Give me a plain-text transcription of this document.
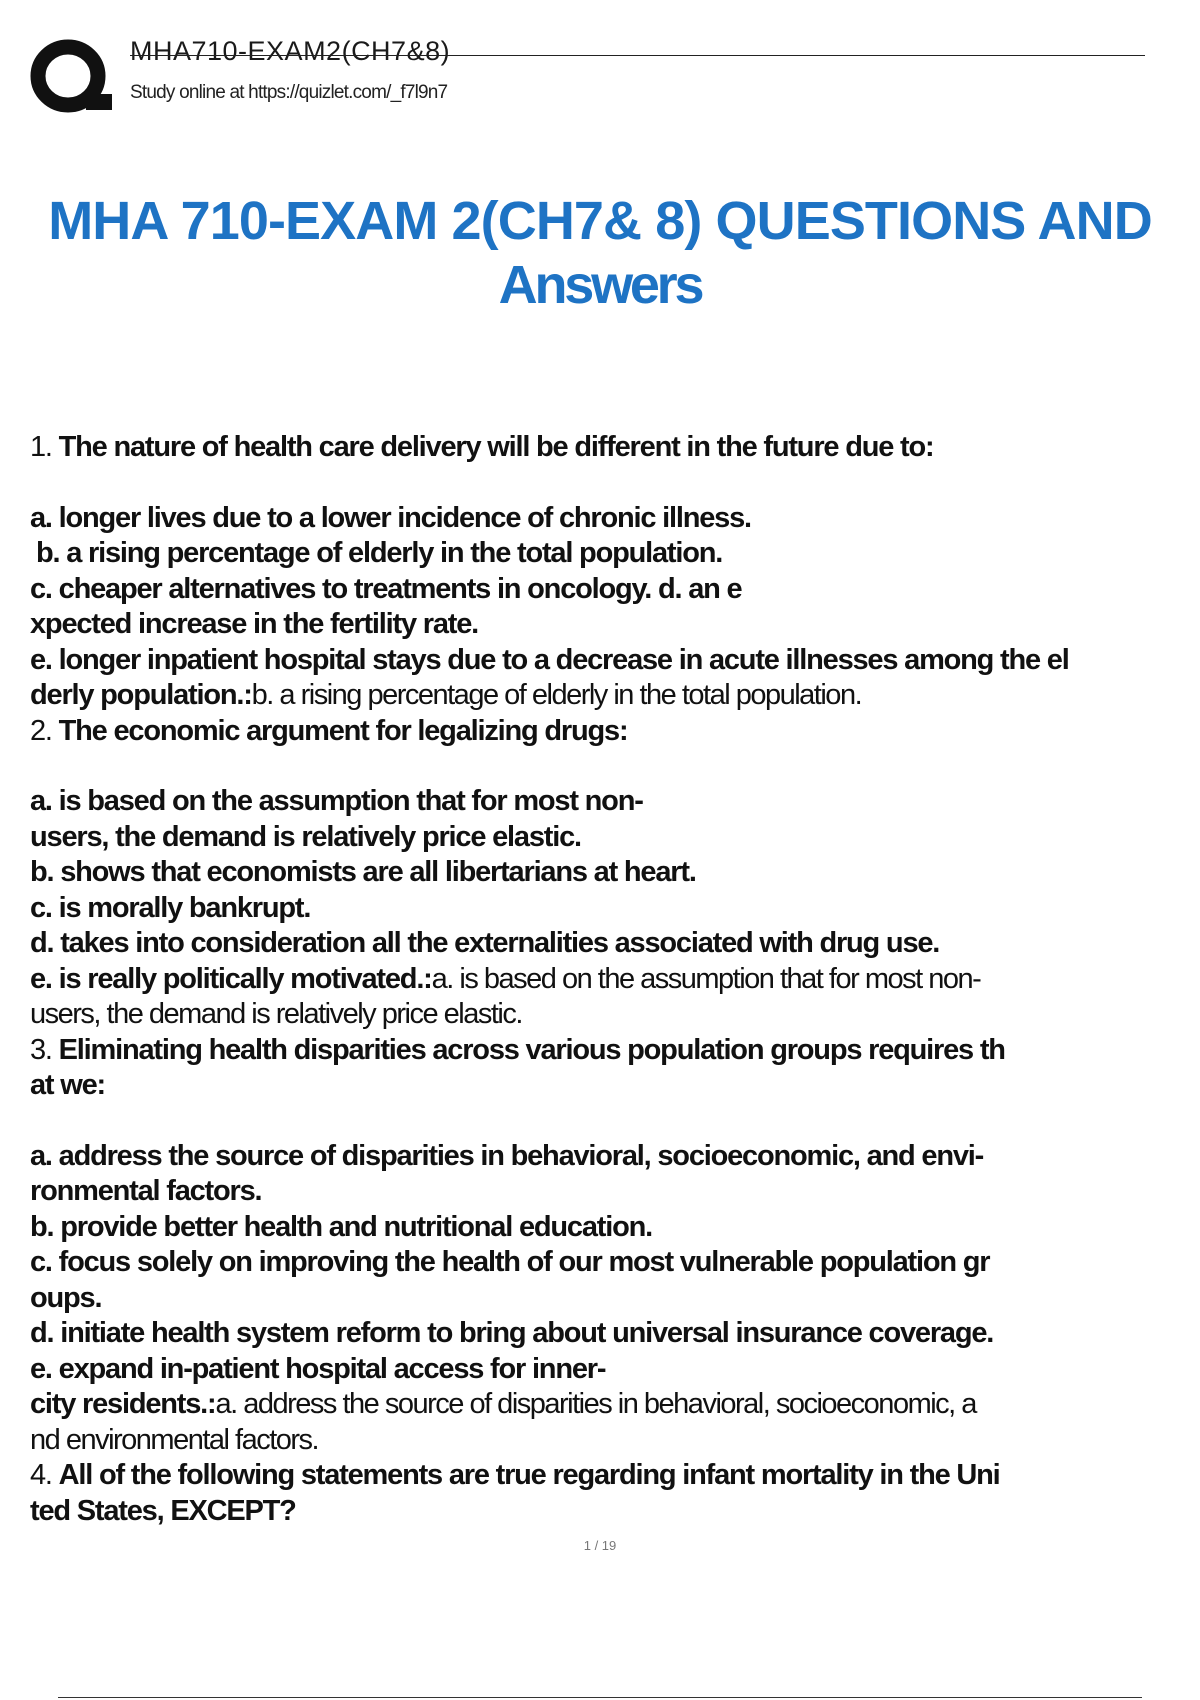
MHA710-EXAM2(CH7&8)
Study online at https://quizlet.com/_f7l9n7
MHA 710-EXAM 2(CH7& 8) QUESTIONS AND
Answers
1. The nature of health care delivery will be different in the future due to:
a. longer lives due to a lower incidence of chronic illness.
b. a rising percentage of elderly in the total population.
c. cheaper alternatives to treatments in oncology. d. an e
xpected increase in the fertility rate.
e. longer inpatient hospital stays due to a decrease in acute illnesses among the el
derly population.:b. a rising percentage of elderly in the total population.
2. The economic argument for legalizing drugs:
a. is based on the assumption that for most non-
users, the demand is relatively price elastic.
b. shows that economists are all libertarians at heart.
c. is morally bankrupt.
d. takes into consideration all the externalities associated with drug use.
e. is really politically motivated.:a. is based on the assumption that for most non-
users, the demand is relatively price elastic.
3. Eliminating health disparities across various population groups requires th
at we:
a. address the source of disparities in behavioral, socioeconomic, and envi-
ronmental factors.
b. provide better health and nutritional education.
c. focus solely on improving the health of our most vulnerable population gr
oups.
d. initiate health system reform to bring about universal insurance coverage.
e. expand in-patient hospital access for inner-
city residents.:a. address the source of disparities in behavioral, socioeconomic, a
nd environmental factors.
4. All of the following statements are true regarding infant mortality in the Uni
ted States, EXCEPT?
1 / 19
